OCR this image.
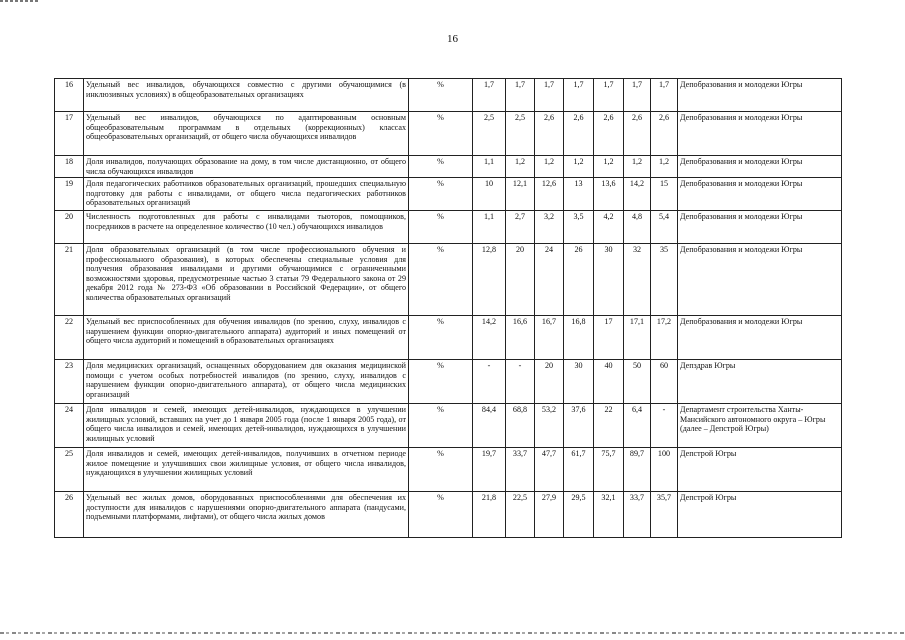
16
16	Удельный вес инвалидов, обучающихся совместно с другими обучающимися (в инклюзивных условиях) в общеобразовательных организациях	%	1,7	1,7	1,7	1,7	1,7	1,7	1,7	Депобразования и молодежи Югры
17	Удельный вес инвалидов, обучающихся по адаптированным основным общеобразовательным программам в отдельных (коррекционных) классах общеобразовательных организаций, от общего числа обучающихся инвалидов	%	2,5	2,5	2,6	2,6	2,6	2,6	2,6	Депобразования и молодежи Югры
18	Доля инвалидов, получающих образование на дому, в том числе дистанционно, от общего числа обучающихся инвалидов	%	1,1	1,2	1,2	1,2	1,2	1,2	1,2	Депобразования и молодежи Югры
19	Доля педагогических работников образовательных организаций, прошедших специальную подготовку для работы с инвалидами, от общего числа педагогических работников образовательных организаций	%	10	12,1	12,6	13	13,6	14,2	15	Депобразования и молодежи Югры
20	Численность подготовленных для работы с инвалидами тьюторов, помощников, посредников в расчете на определенное количество (10 чел.) обучающихся инвалидов	%	1,1	2,7	3,2	3,5	4,2	4,8	5,4	Депобразования и молодежи Югры
21	Доля образовательных организаций (в том числе профессионального обучения и профессионального образования), в которых обеспечены специальные условия для получения образования инвалидами и другими обучающимися с ограниченными возможностями здоровья, предусмотренные частью 3 статьи 79 Федерального закона от 29 декабря 2012 года № 273-ФЗ «Об образовании в Российской Федерации», от общего количества образовательных организаций	%	12,8	20	24	26	30	32	35	Депобразования и молодежи Югры
22	Удельный вес приспособленных для обучения инвалидов (по зрению, слуху, инвалидов с нарушением функции опорно-двигательного аппарата) аудиторий и иных помещений от общего числа аудиторий и помещений в образовательных организациях	%	14,2	16,6	16,7	16,8	17	17,1	17,2	Депобразования и молодежи Югры
23	Доля медицинских организаций, оснащенных оборудованием для оказания медицинской помощи с учетом особых потребностей инвалидов (по зрению, слуху, инвалидов с нарушением функции опорно-двигательного аппарата), от общего числа медицинских организаций	%	-	-	20	30	40	50	60	Депздрав Югры
24	Доля инвалидов и семей, имеющих детей-инвалидов, нуждающихся в улучшении жилищных условий, вставших на учет до 1 января 2005 года (после 1 января 2005 года), от общего числа инвалидов и семей, имеющих детей-инвалидов, нуждающихся в улучшении жилищных условий	%	84,4	68,8	53,2	37,6	22	6,4	-	Департамент строительства Ханты-Мансийского автономного округа – Югры (далее – Депстрой Югры)
25	Доля инвалидов и семей, имеющих детей-инвалидов, получивших в отчетном периоде жилое помещение и улучшивших свои жилищные условия, от общего числа инвалидов, нуждающихся в улучшении жилищных условий	%	19,7	33,7	47,7	61,7	75,7	89,7	100	Депстрой Югры
26	Удельный вес жилых домов, оборудованных приспособлениями для обеспечения их доступности для инвалидов с нарушениями опорно-двигательного аппарата (пандусами, подъемными платформами, лифтами), от общего числа жилых домов	%	21,8	22,5	27,9	29,5	32,1	33,7	35,7	Депстрой Югры
